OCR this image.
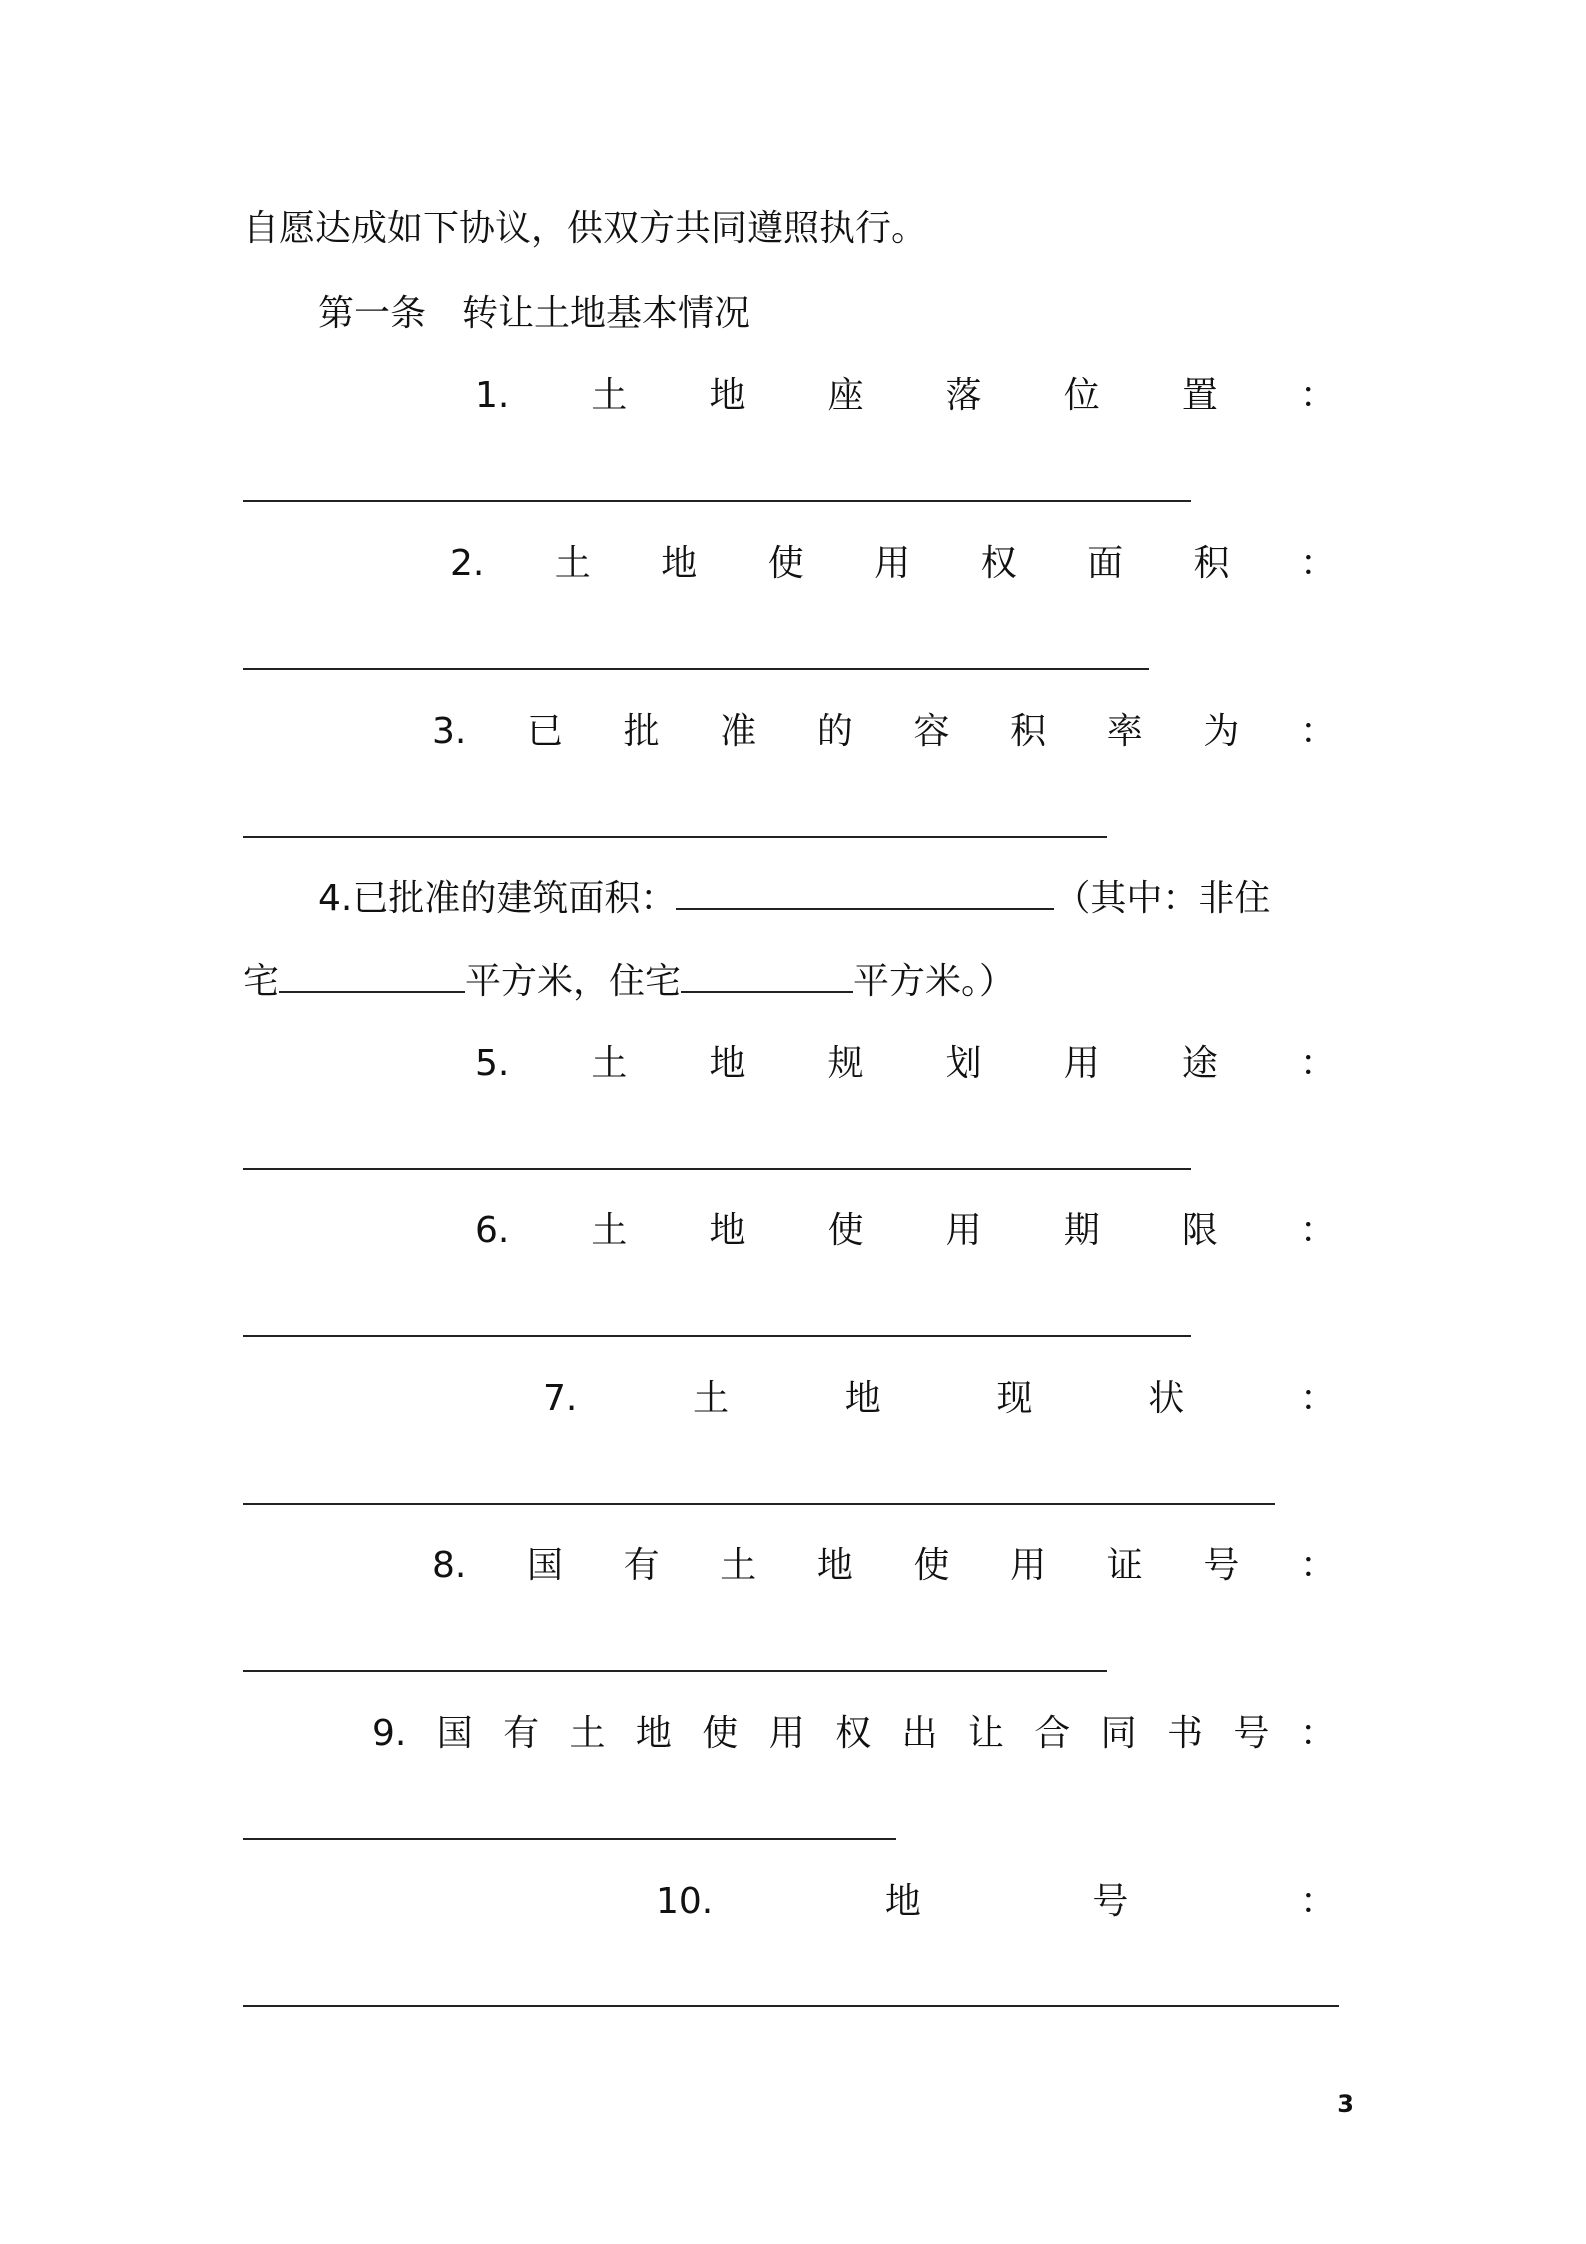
自愿达成如下协议，供双方共同遵照执行。
第一条　转让土地基本情况
1. 土 地 座 落 位 置 ：
2. 土 地 使 用 权 面 积 ：
3. 已 批 准 的 容 积 率 为 ：
4.已批准的建筑面积：	（其中：非住
宅	平方米，住宅	平方米。）
5. 土 地 规 划 用 途 ：
6. 土 地 使 用 期 限 ：
7.	土	地	现	状	：
8. 国 有 土 地 使 用 证 号 ：
9. 国 有 土 地 使 用 权 出 让 合 同 书 号 ：
10.	地	号	：
3
